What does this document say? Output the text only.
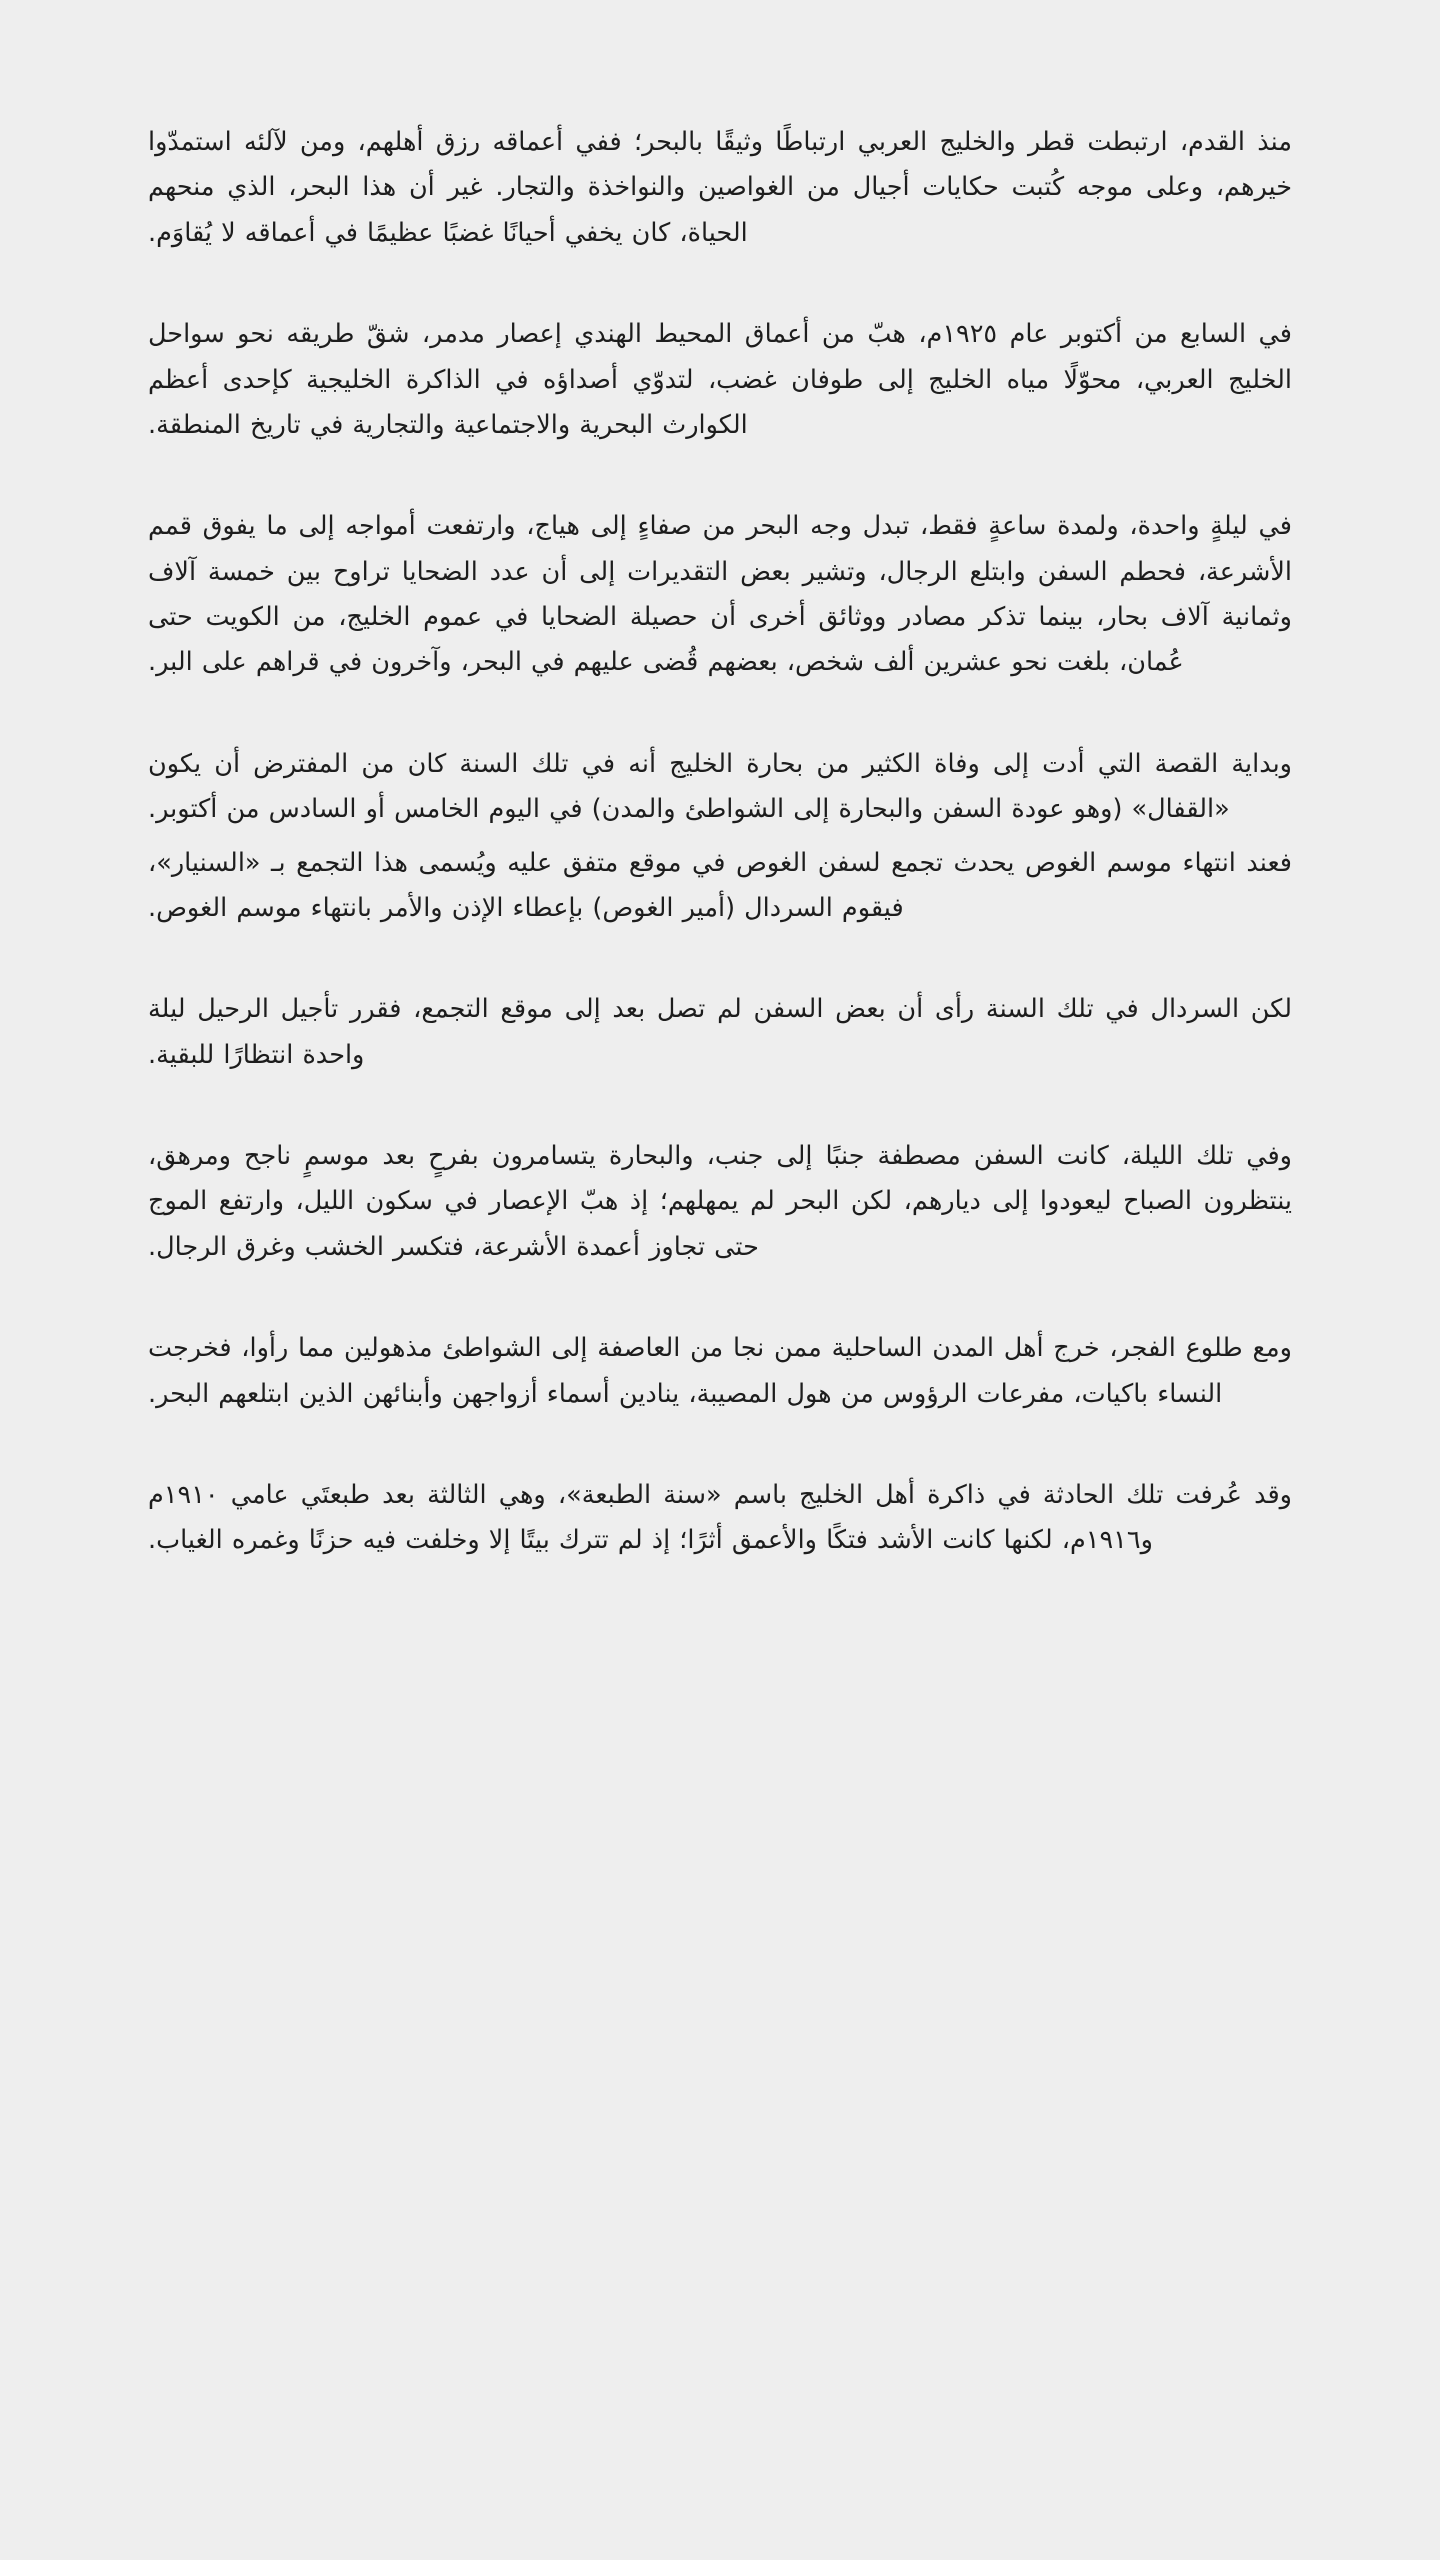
منذ القدم، ارتبطت قطر والخليج العربي ارتباطًا وثيقًا بالبحر؛ ففي أعماقه رزق أهلهم، ومن لآلئه استمدّوا خيرهم، وعلى موجه كُتبت حكايات أجيال من الغواصين والنواخذة والتجار. غير أن هذا البحر، الذي منحهم الحياة، كان يخفي أحيانًا غضبًا عظيمًا في أعماقه لا يُقاوَم.

في السابع من أكتوبر عام ١٩٢٥م، هبّ من أعماق المحيط الهندي إعصار مدمر، شقّ طريقه نحو سواحل الخليج العربي، محوّلًا مياه الخليج إلى طوفان غضب، لتدوّي أصداؤه في الذاكرة الخليجية كإحدى أعظم الكوارث البحرية والاجتماعية والتجارية في تاريخ المنطقة.

في ليلةٍ واحدة، ولمدة ساعةٍ فقط، تبدل وجه البحر من صفاءٍ إلى هياج، وارتفعت أمواجه إلى ما يفوق قمم الأشرعة، فحطم السفن وابتلع الرجال، وتشير بعض التقديرات إلى أن عدد الضحايا تراوح بين خمسة آلاف وثمانية آلاف بحار، بينما تذكر مصادر ووثائق أخرى أن حصيلة الضحايا في عموم الخليج، من الكويت حتى عُمان، بلغت نحو عشرين ألف شخص، بعضهم قُضى عليهم في البحر، وآخرون في قراهم على البر.

وبداية القصة التي أدت إلى وفاة الكثير من بحارة الخليج أنه في تلك السنة كان من المفترض أن يكون «القفال» (وهو عودة السفن والبحارة إلى الشواطئ والمدن) في اليوم الخامس أو السادس من أكتوبر.

فعند انتهاء موسم الغوص يحدث تجمع لسفن الغوص في موقع متفق عليه ويُسمى هذا التجمع بـ «السنيار»، فيقوم السردال (أمير الغوص) بإعطاء الإذن والأمر بانتهاء موسم الغوص.

لكن السردال في تلك السنة رأى أن بعض السفن لم تصل بعد إلى موقع التجمع، فقرر تأجيل الرحيل ليلة واحدة انتظارًا للبقية.

وفي تلك الليلة، كانت السفن مصطفة جنبًا إلى جنب، والبحارة يتسامرون بفرحٍ بعد موسمٍ ناجح ومرهق، ينتظرون الصباح ليعودوا إلى ديارهم، لكن البحر لم يمهلهم؛ إذ هبّ الإعصار في سكون الليل، وارتفع الموج حتى تجاوز أعمدة الأشرعة، فتكسر الخشب وغرق الرجال.

ومع طلوع الفجر، خرج أهل المدن الساحلية ممن نجا من العاصفة إلى الشواطئ مذهولين مما رأوا، فخرجت النساء باكيات، مفرعات الرؤوس من هول المصيبة، ينادين أسماء أزواجهن وأبنائهن الذين ابتلعهم البحر.

وقد عُرفت تلك الحادثة في ذاكرة أهل الخليج باسم «سنة الطبعة»، وهي الثالثة بعد طبعتَي عامي ١٩١٠م و١٩١٦م، لكنها كانت الأشد فتكًا والأعمق أثرًا؛ إذ لم تترك بيتًا إلا وخلفت فيه حزنًا وغمره الغياب.
